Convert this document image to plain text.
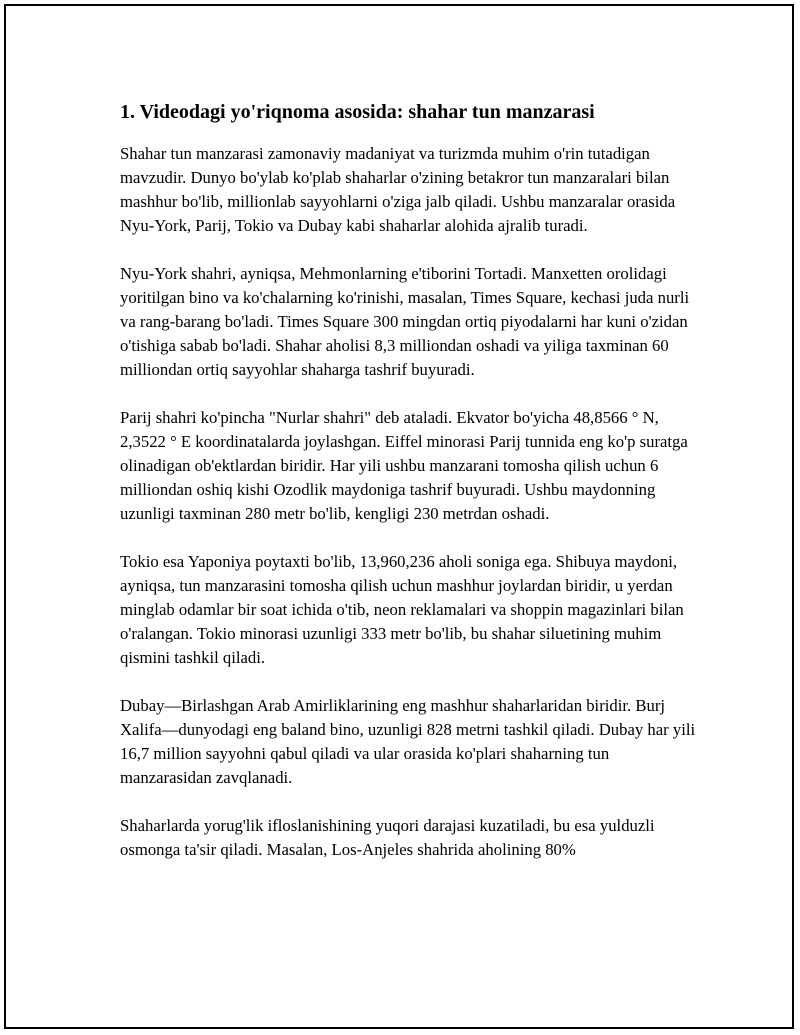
1. Videodagi yo'riqnoma asosida: shahar tun manzarasi

Shahar tun manzarasi zamonaviy madaniyat va turizmda muhim o'rin tutadigan mavzudir. Dunyo bo'ylab ko'plab shaharlar o'zining betakror tun manzaralari bilan mashhur bo'lib, millionlab sayyohlarni o'ziga jalb qiladi. Ushbu manzaralar orasida Nyu-York, Parij, Tokio va Dubay kabi shaharlar alohida ajralib turadi.

Nyu-York shahri, ayniqsa, Mehmonlarning e'tiborini Tortadi. Manxetten orolidagi yoritilgan bino va ko'chalarning ko'rinishi, masalan, Times Square, kechasi juda nurli va rang-barang bo'ladi. Times Square 300 mingdan ortiq piyodalarni har kuni o'zidan o'tishiga sabab bo'ladi. Shahar aholisi 8,3 milliondan oshadi va yiliga taxminan 60 milliondan ortiq sayyohlar shaharga tashrif buyuradi.

Parij shahri ko'pincha "Nurlar shahri" deb ataladi. Ekvator bo'yicha 48,8566 ° N, 2,3522 ° E koordinatalarda joylashgan. Eiffel minorasi Parij tunnida eng ko'p suratga olinadigan ob'ektlardan biridir. Har yili ushbu manzarani tomosha qilish uchun 6 milliondan oshiq kishi Ozodlik maydoniga tashrif buyuradi. Ushbu maydonning uzunligi taxminan 280 metr bo'lib, kengligi 230 metrdan oshadi.

Tokio esa Yaponiya poytaxti bo'lib, 13,960,236 aholi soniga ega. Shibuya maydoni, ayniqsa, tun manzarasini tomosha qilish uchun mashhur joylardan biridir, u yerdan minglab odamlar bir soat ichida o'tib, neon reklamalari va shoppin magazinlari bilan o'ralangan. Tokio minorasi uzunligi 333 metr bo'lib, bu shahar siluetining muhim qismini tashkil qiladi.

Dubay—Birlashgan Arab Amirliklarining eng mashhur shaharlaridan biridir. Burj Xalifa—dunyodagi eng baland bino, uzunligi 828 metrni tashkil qiladi. Dubay har yili 16,7 million sayyohni qabul qiladi va ular orasida ko'plari shaharning tun manzarasidan zavqlanadi.

Shaharlarda yorug'lik ifloslanishining yuqori darajasi kuzatiladi, bu esa yulduzli osmonga ta'sir qiladi. Masalan, Los-Anjeles shahrida aholining 80%
